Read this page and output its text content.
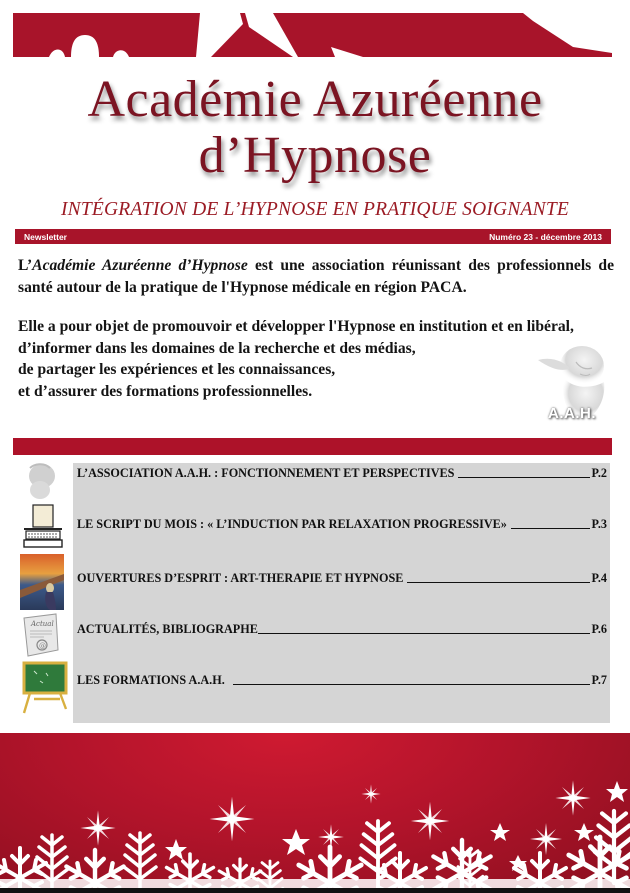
Académie Azuréenne
d’Hypnose
INTÉGRATION DE L’HYPNOSE EN PRATIQUE SOIGNANTE
Newsletter	Numéro 23 - décembre 2013

L’Académie Azuréenne d’Hypnose est une association réunissant des professionnels de santé autour de la pratique de l'Hypnose médicale en région PACA.

Elle a pour objet de promouvoir et développer l'Hypnose en institution et en libéral,
d’informer dans les domaines de la recherche et des médias,
de partager les expériences et les connaissances,
et d’assurer des formations professionnelles.
A.A.H.
Actual
@
L’ASSOCIATION A.A.H. : FONCTIONNEMENT ET PERSPECTIVES	P.2
LE SCRIPT DU MOIS : « L’INDUCTION PAR RELAXATION PROGRESSIVE»	P.3
OUVERTURES D’ESPRIT : ART-THERAPIE ET HYPNOSE	P.4
ACTUALITÉS, BIBLIOGRAPHE	P.6
LES FORMATIONS A.A.H.	P.7
